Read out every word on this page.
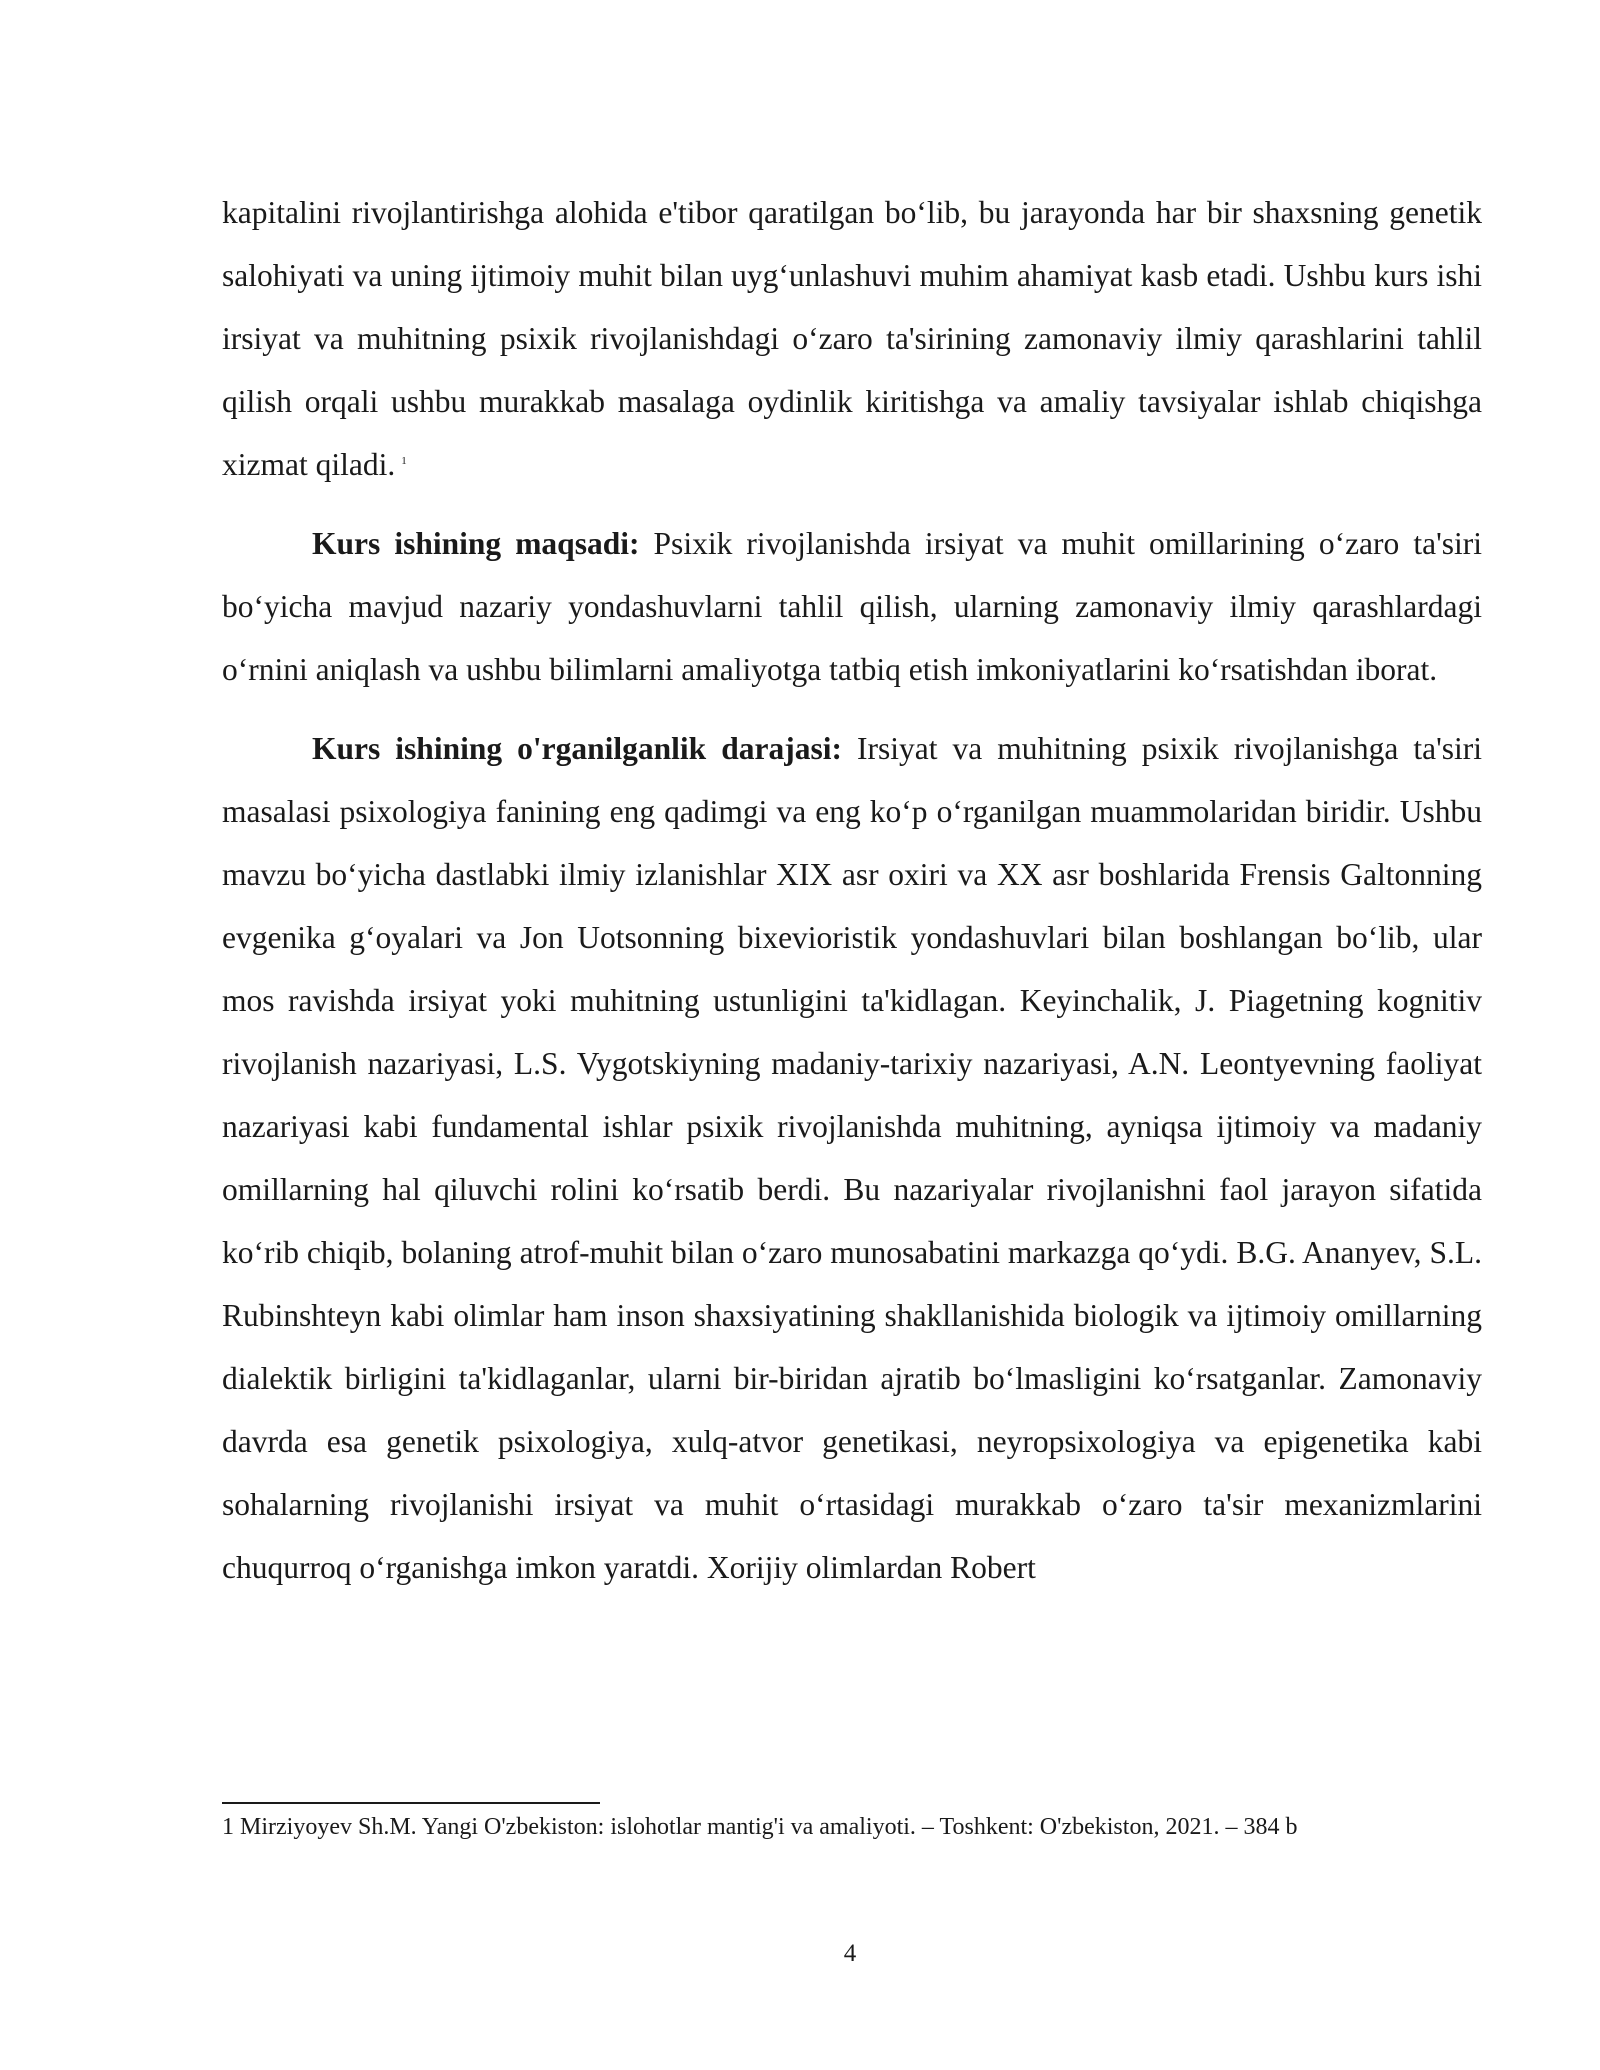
kapitalini rivojlantirishga alohida e'tibor qaratilgan bo‘lib, bu jarayonda har bir shaxsning genetik salohiyati va uning ijtimoiy muhit bilan uyg‘unlashuvi muhim ahamiyat kasb etadi. Ushbu kurs ishi irsiyat va muhitning psixik rivojlanishdagi o‘zaro ta'sirining zamonaviy ilmiy qarashlarini tahlil qilish orqali ushbu murakkab masalaga oydinlik kiritishga va amaliy tavsiyalar ishlab chiqishga xizmat qiladi. $^1$

Kurs ishining maqsadi: Psixik rivojlanishda irsiyat va muhit omillarining o‘zaro ta'siri bo‘yicha mavjud nazariy yondashuvlarni tahlil qilish, ularning zamonaviy ilmiy qarashlardagi o‘rnini aniqlash va ushbu bilimlarni amaliyotga tatbiq etish imkoniyatlarini ko‘rsatishdan iborat.

Kurs ishining o'rganilganlik darajasi: Irsiyat va muhitning psixik rivojlanishga ta'siri masalasi psixologiya fanining eng qadimgi va eng ko‘p o‘rganilgan muammolaridan biridir. Ushbu mavzu bo‘yicha dastlabki ilmiy izlanishlar XIX asr oxiri va XX asr boshlarida Frensis Galtonning evgenika g‘oyalari va Jon Uotsonning bixevioristik yondashuvlari bilan boshlangan bo‘lib, ular mos ravishda irsiyat yoki muhitning ustunligini ta'kidlagan. Keyinchalik, J. Piagetning kognitiv rivojlanish nazariyasi, L.S. Vygotskiyning madaniy-tarixiy nazariyasi, A.N. Leontyevning faoliyat nazariyasi kabi fundamental ishlar psixik rivojlanishda muhitning, ayniqsa ijtimoiy va madaniy omillarning hal qiluvchi rolini ko‘rsatib berdi. Bu nazariyalar rivojlanishni faol jarayon sifatida ko‘rib chiqib, bolaning atrof-muhit bilan o‘zaro munosabatini markazga qo‘ydi. B.G. Ananyev, S.L. Rubinshteyn kabi olimlar ham inson shaxsiyatining shakllanishida biologik va ijtimoiy omillarning dialektik birligini ta'kidlaganlar, ularni bir-biridan ajratib bo‘lmasligini ko‘rsatganlar. Zamonaviy davrda esa genetik psixologiya, xulq-atvor genetikasi, neyropsixologiya va epigenetika kabi sohalarning rivojlanishi irsiyat va muhit o‘rtasidagi murakkab o‘zaro ta'sir mexanizmlarini chuqurroq o‘rganishga imkon yaratdi. Xorijiy olimlardan Robert

1 Mirziyoyev Sh.M. Yangi O'zbekiston: islohotlar mantig'i va amaliyoti. – Toshkent: O'zbekiston, 2021. – 384 b
4
